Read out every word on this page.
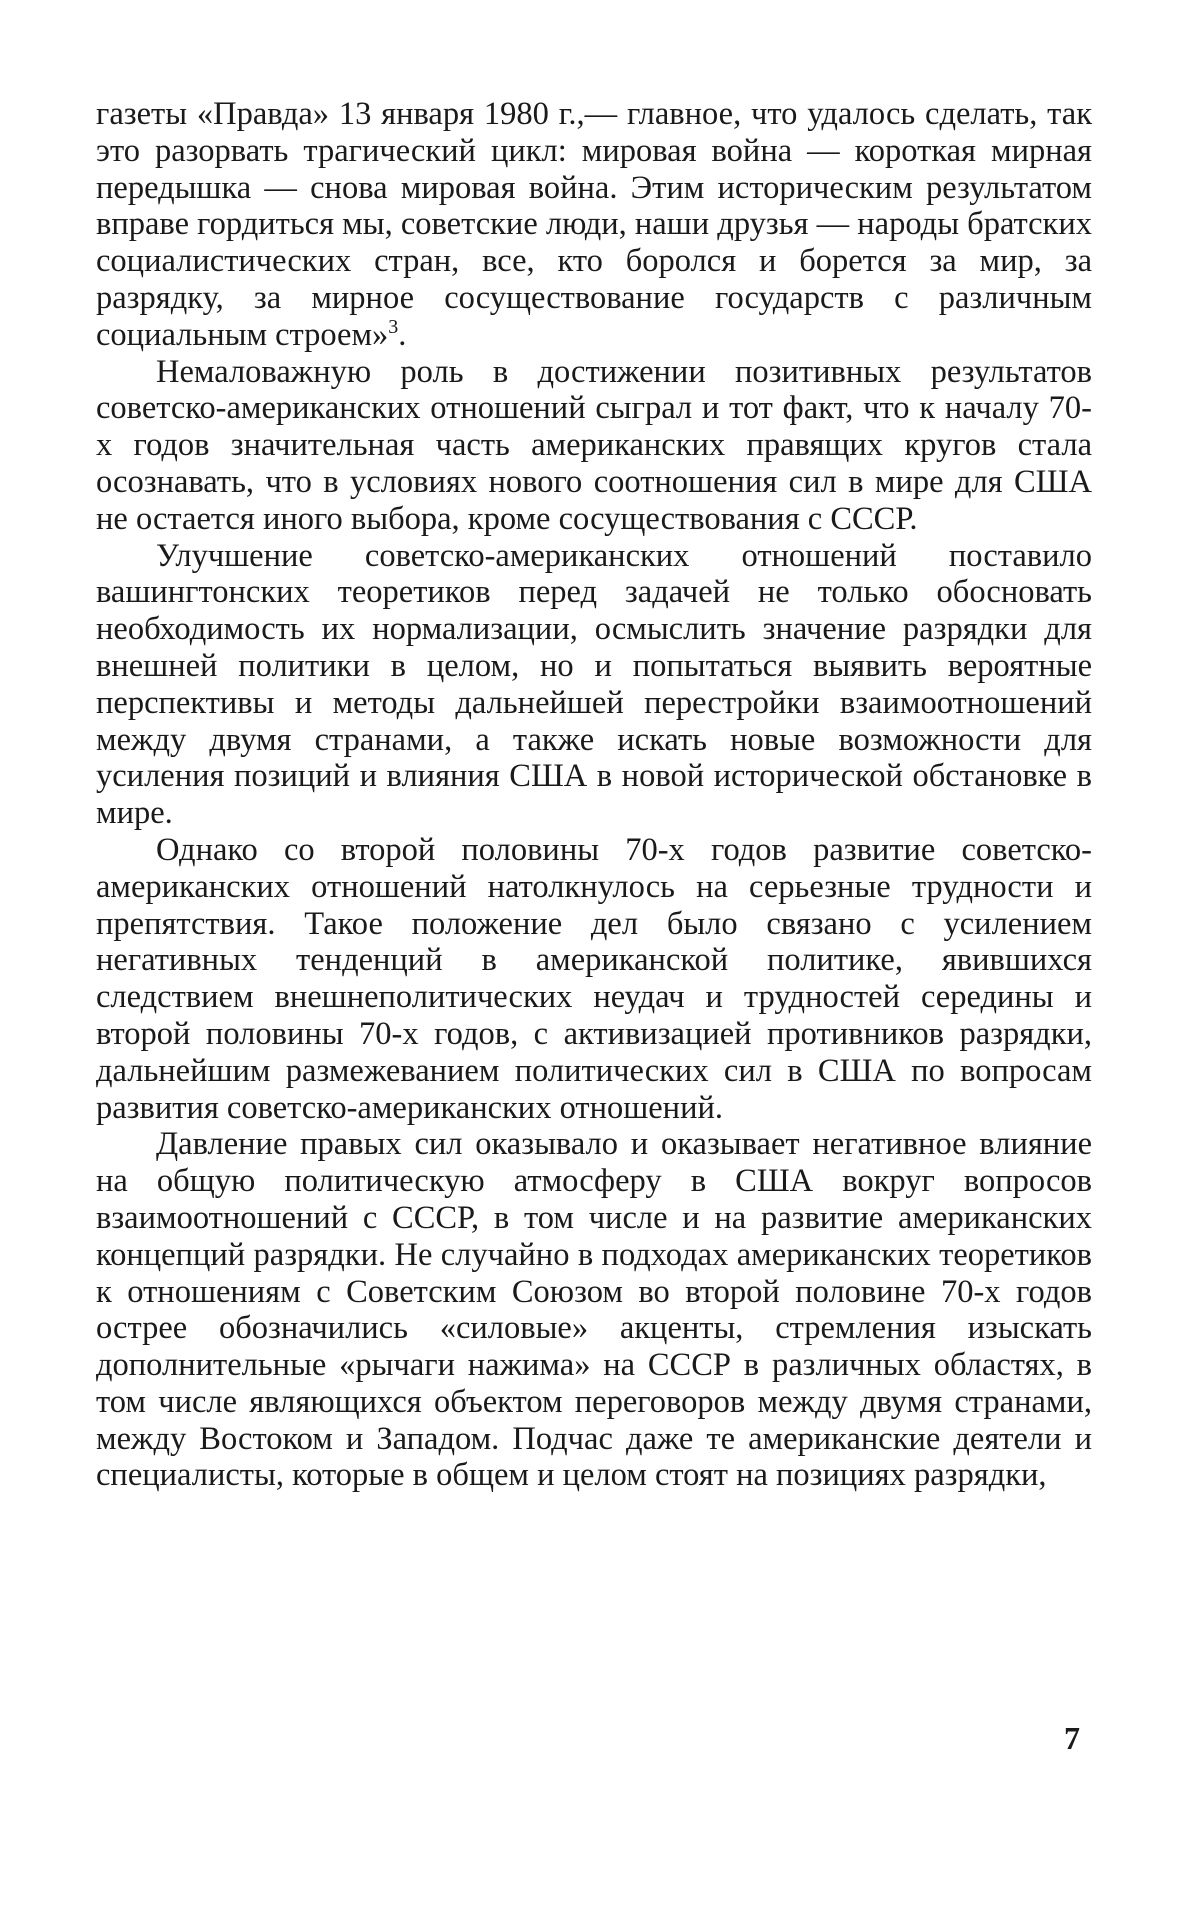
газеты «Правда» 13 января 1980 г.,— главное, что удалось сделать, так это разорвать трагический цикл: мировая война — короткая мирная передышка — снова мировая война. Этим историческим результатом вправе гордиться мы, советские люди, наши друзья — народы братских социалистических стран, все, кто боролся и борется за мир, за разрядку, за мирное сосуществование государств с различным социальным строем»$^3$.

Немаловажную роль в достижении позитивных результатов советско-американских отношений сыграл и тот факт, что к началу 70-х годов значительная часть американских правящих кругов стала осознавать, что в условиях нового соотношения сил в мире для США не остается иного выбора, кроме сосуществования с СССР.

Улучшение советско-американских отношений поставило вашингтонских теоретиков перед задачей не только обосновать необходимость их нормализации, осмыслить значение разрядки для внешней политики в целом, но и попытаться выявить вероятные перспективы и методы дальнейшей перестройки взаимоотношений между двумя странами, а также искать новые возможности для усиления позиций и влияния США в новой исторической обстановке в мире.

Однако со второй половины 70-х годов развитие советско-американских отношений натолкнулось на серьезные трудности и препятствия. Такое положение дел было связано с усилением негативных тенденций в американской политике, явившихся следствием внешнеполитических неудач и трудностей середины и второй половины 70-х годов, с активизацией противников разрядки, дальнейшим размежеванием политических сил в США по вопросам развития советско-американских отношений.

Давление правых сил оказывало и оказывает негативное влияние на общую политическую атмосферу в США вокруг вопросов взаимоотношений с СССР, в том числе и на развитие американских концепций разрядки. Не случайно в подходах американских теоретиков к отношениям с Советским Союзом во второй половине 70-х годов острее обозначились «силовые» акценты, стремления изыскать дополнительные «рычаги нажима» на СССР в различных областях, в том числе являющихся объектом переговоров между двумя странами, между Востоком и Западом. Подчас даже те американские деятели и специалисты, которые в общем и целом стоят на позициях разрядки,

7
